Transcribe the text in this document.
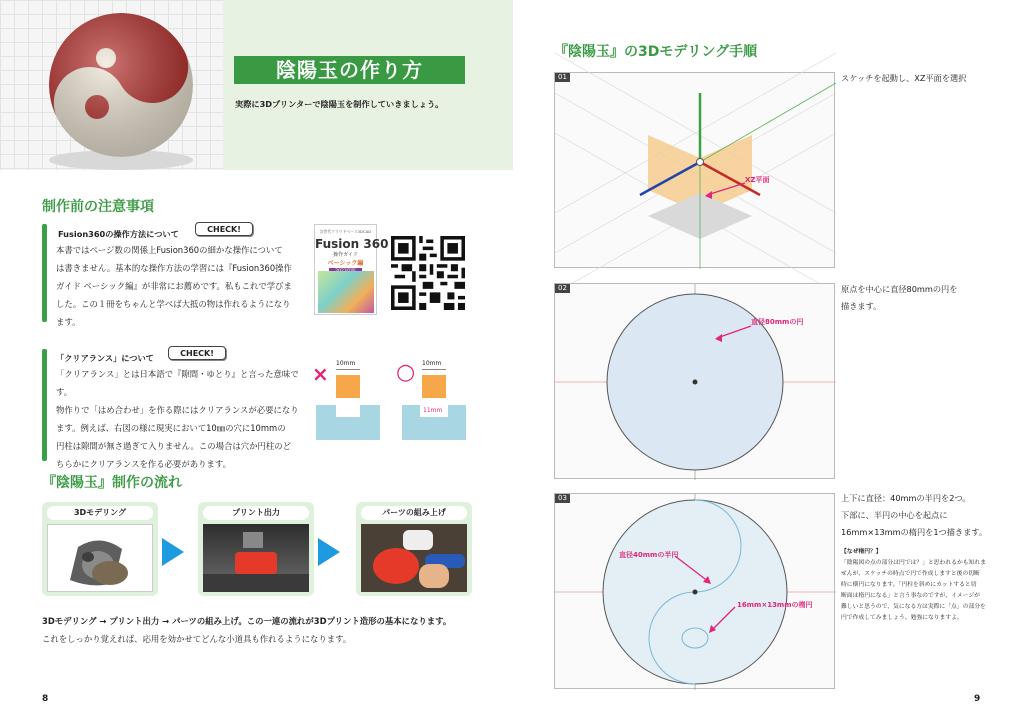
陰陽玉の作り方
実際に3Dプリンターで陰陽玉を制作していきましょう。
制作前の注意事項
Fusion360の操作方法について	CHECK!
本書ではページ数の関係上Fusion360の細かな操作について
は書きません。基本的な操作方法の学習には『Fusion360操作
ガイド ベーシック編』が非常にお薦めです。私もこれで学びま
した。この１冊をちゃんと学べば大抵の物は作れるようになり
ます。
次世代クラウドベース3DCAD
Fusion 360
操作ガイド
ベーシック編
「クリアランス」について	CHECK!
「クリアランス」とは日本語で『隙間・ゆとり』と言った意味です。
物作りで「はめ合わせ」を作る際にはクリアランスが必要になり
ます。例えば、右図の様に現実において10㎜の穴に10mmの
円柱は隙間が無さ過ぎて入りません。この場合は穴か円柱のど
ちらかにクリアランスを作る必要があります。
×	○
10mm	10mm
11mm
『陰陽玉』制作の流れ
3Dモデリング	プリント出力	パーツの組み上げ
3Dモデリング → プリント出力 → パーツの組み上げ。この一連の流れが3Dプリント造形の基本になります。
これをしっかり覚えれば、応用を効かせてどんな小道具も作れるようになります。
8
『陰陽玉』の3Dモデリング手順
01
XZ平面
スケッチを起動し、XZ平面を選択
02
直径80mmの円
原点を中心に直径80mmの円を
描きます。
03
直径40mmの半円
16mm×13mmの楕円
上下に直径：40mmの半円を2つ。
下部に、半円の中心を起点に
16mm×13mmの楕円を1つ描きます。
【なぜ楕円？】
「陰陽図の点の部分は円では？」と思われるかも知れま
せんが、スケッチの時点で円で作成しますと後の切断
時に横円になります。「円柱を斜めにカットすると切
断面は楕円になる」と言う事なのですが、イメージが
難しいと思うので、気になる方は実際に「点」の部分を
円で作成してみましょう。勉強になりますよ。
9
